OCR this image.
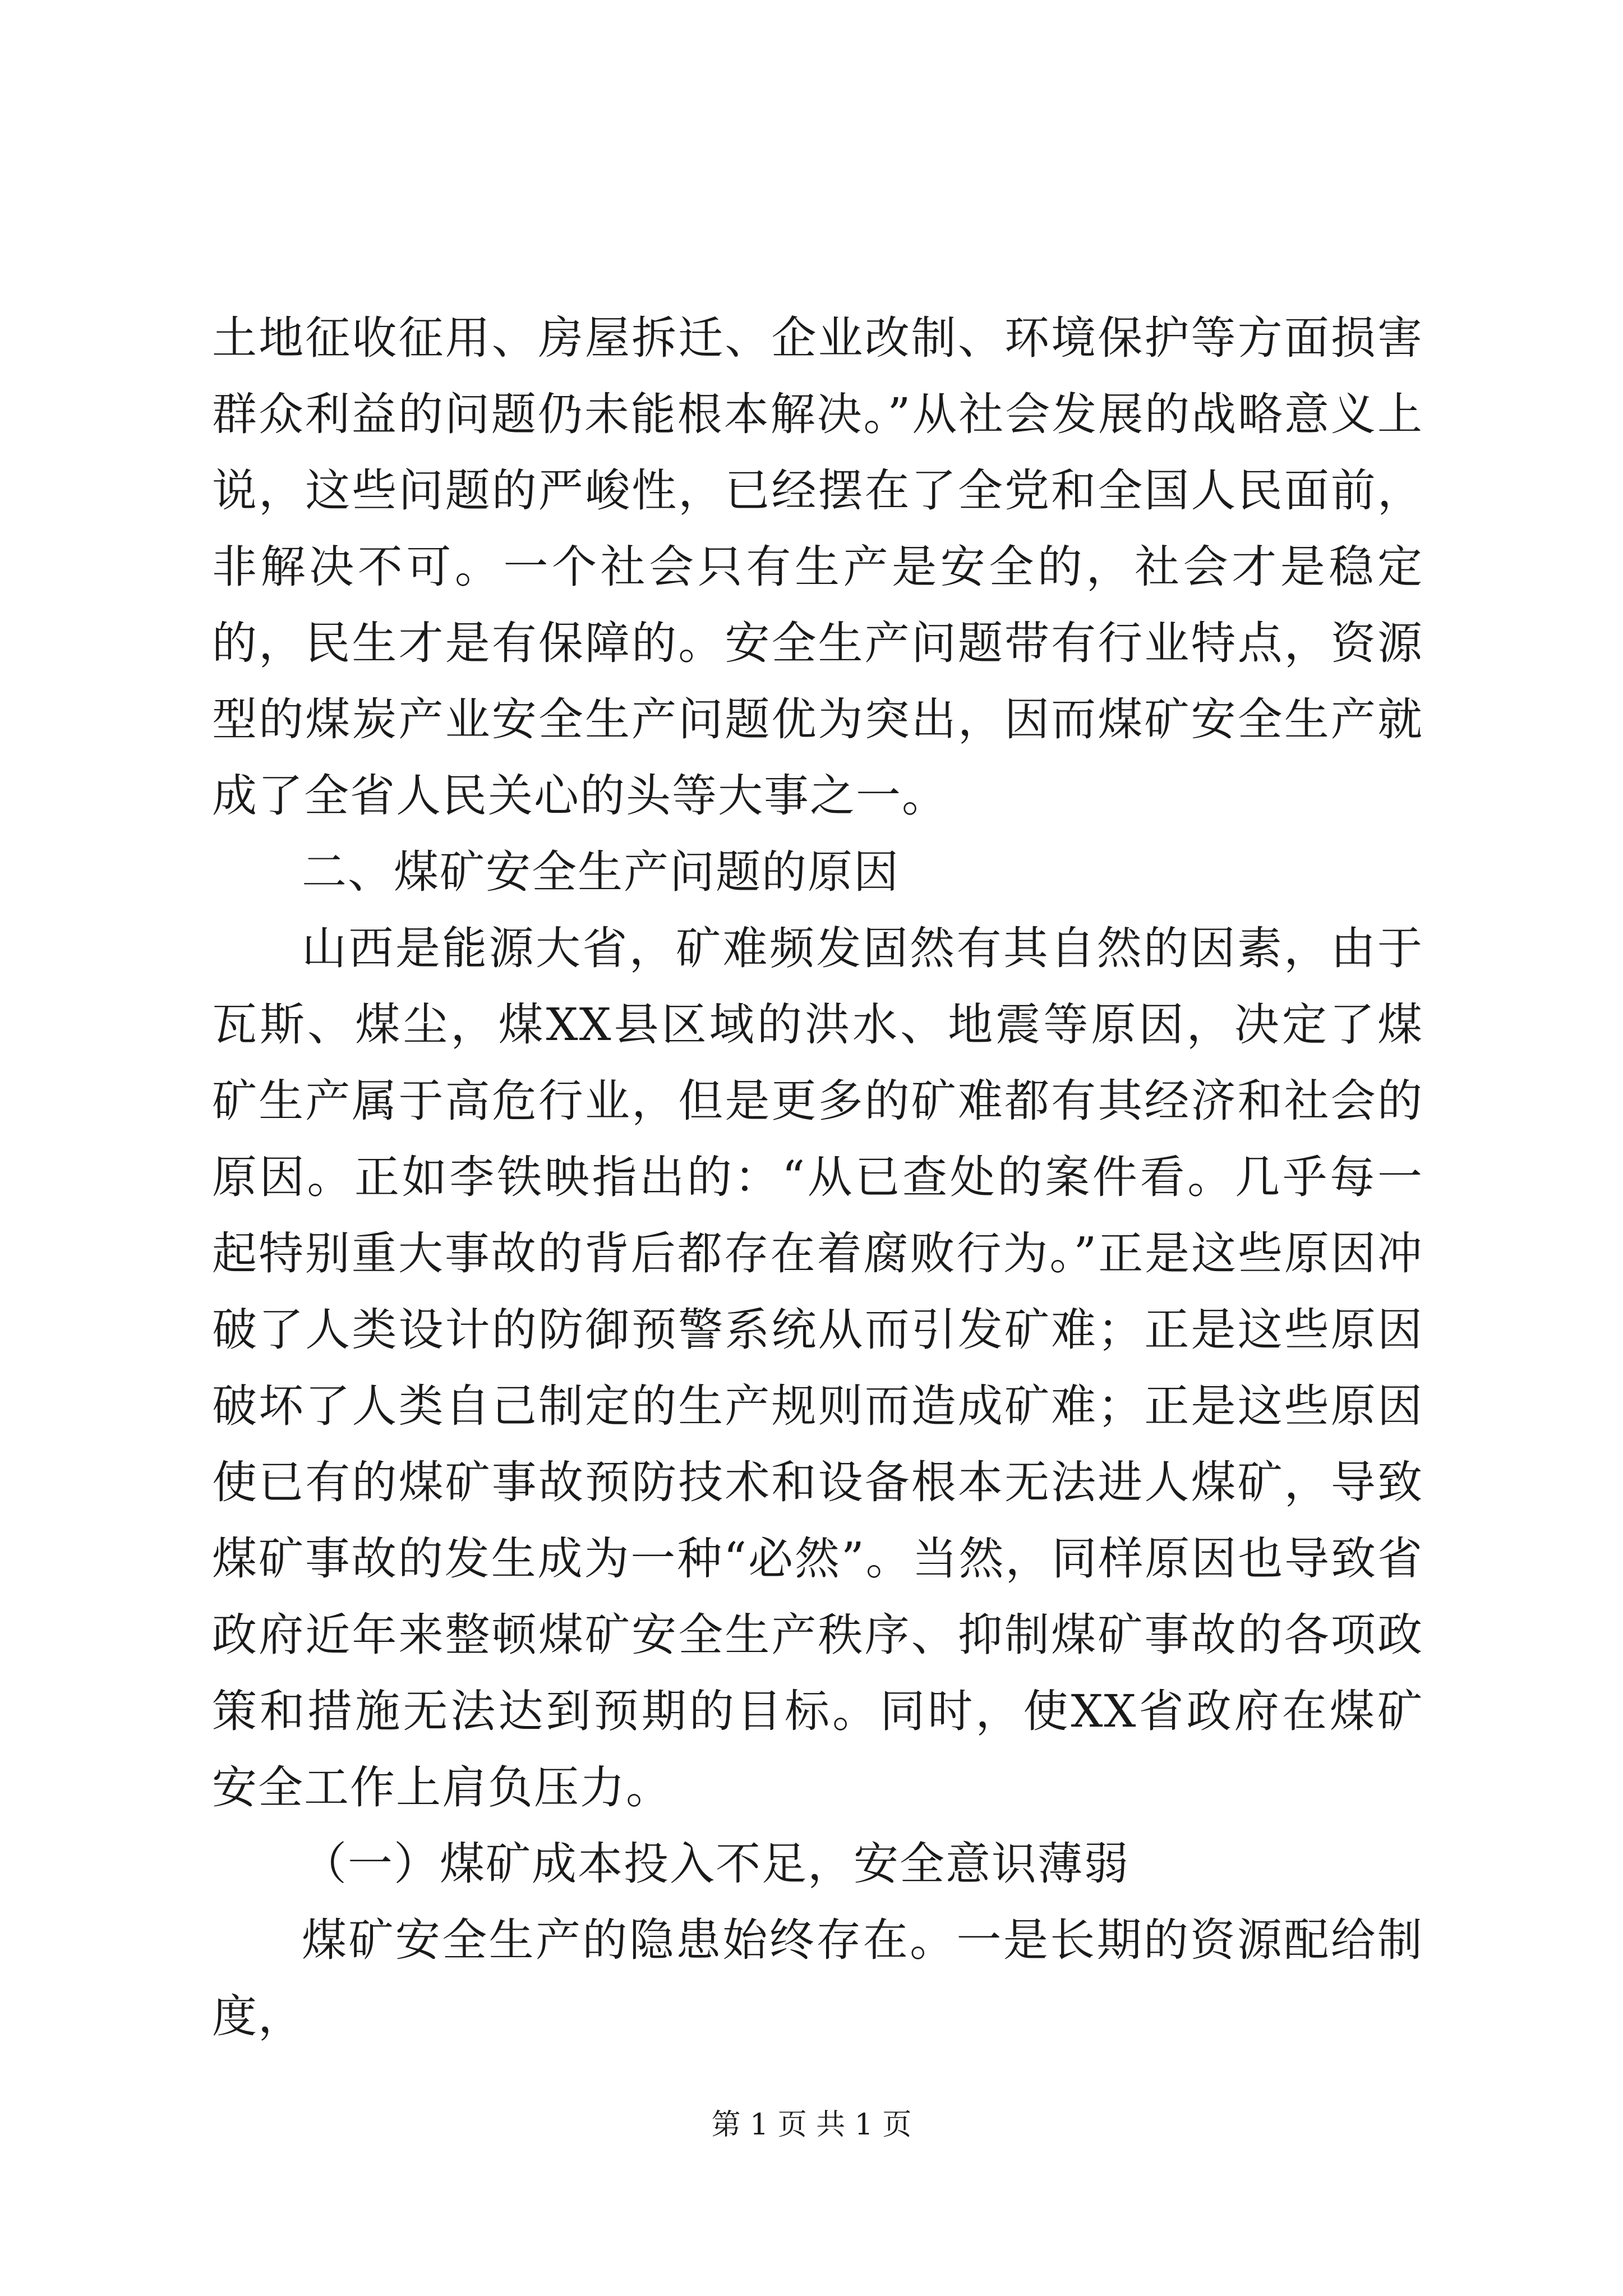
土地征收征用、房屋拆迁、企业改制、环境保护等方面损害群众利益的问题仍未能根本解决。”从社会发展的战略意义上说，这些问题的严峻性，已经摆在了全党和全国人民面前，非解决不可。一个社会只有生产是安全的，社会才是稳定的，民生才是有保障的。安全生产问题带有行业特点，资源型的煤炭产业安全生产问题优为突出，因而煤矿安全生产就成了全省人民关心的头等大事之一。

二、煤矿安全生产问题的原因

山西是能源大省，矿难频发固然有其自然的因素，由于瓦斯、煤尘，煤XX县区域的洪水、地震等原因，决定了煤矿生产属于高危行业，但是更多的矿难都有其经济和社会的原因。正如李铁映指出的：“从已查处的案件看。几乎每一起特别重大事故的背后都存在着腐败行为。”正是这些原因冲破了人类设计的防御预警系统从而引发矿难；正是这些原因破坏了人类自己制定的生产规则而造成矿难；正是这些原因使已有的煤矿事故预防技术和设备根本无法进人煤矿，导致煤矿事故的发生成为一种“必然”。当然，同样原因也导致省政府近年来整顿煤矿安全生产秩序、抑制煤矿事故的各项政策和措施无法达到预期的目标。同时，使XX省政府在煤矿安全工作上肩负压力。

（一）煤矿成本投入不足，安全意识薄弱

煤矿安全生产的隐患始终存在。一是长期的资源配给制度，

第 1 页 共 1 页
